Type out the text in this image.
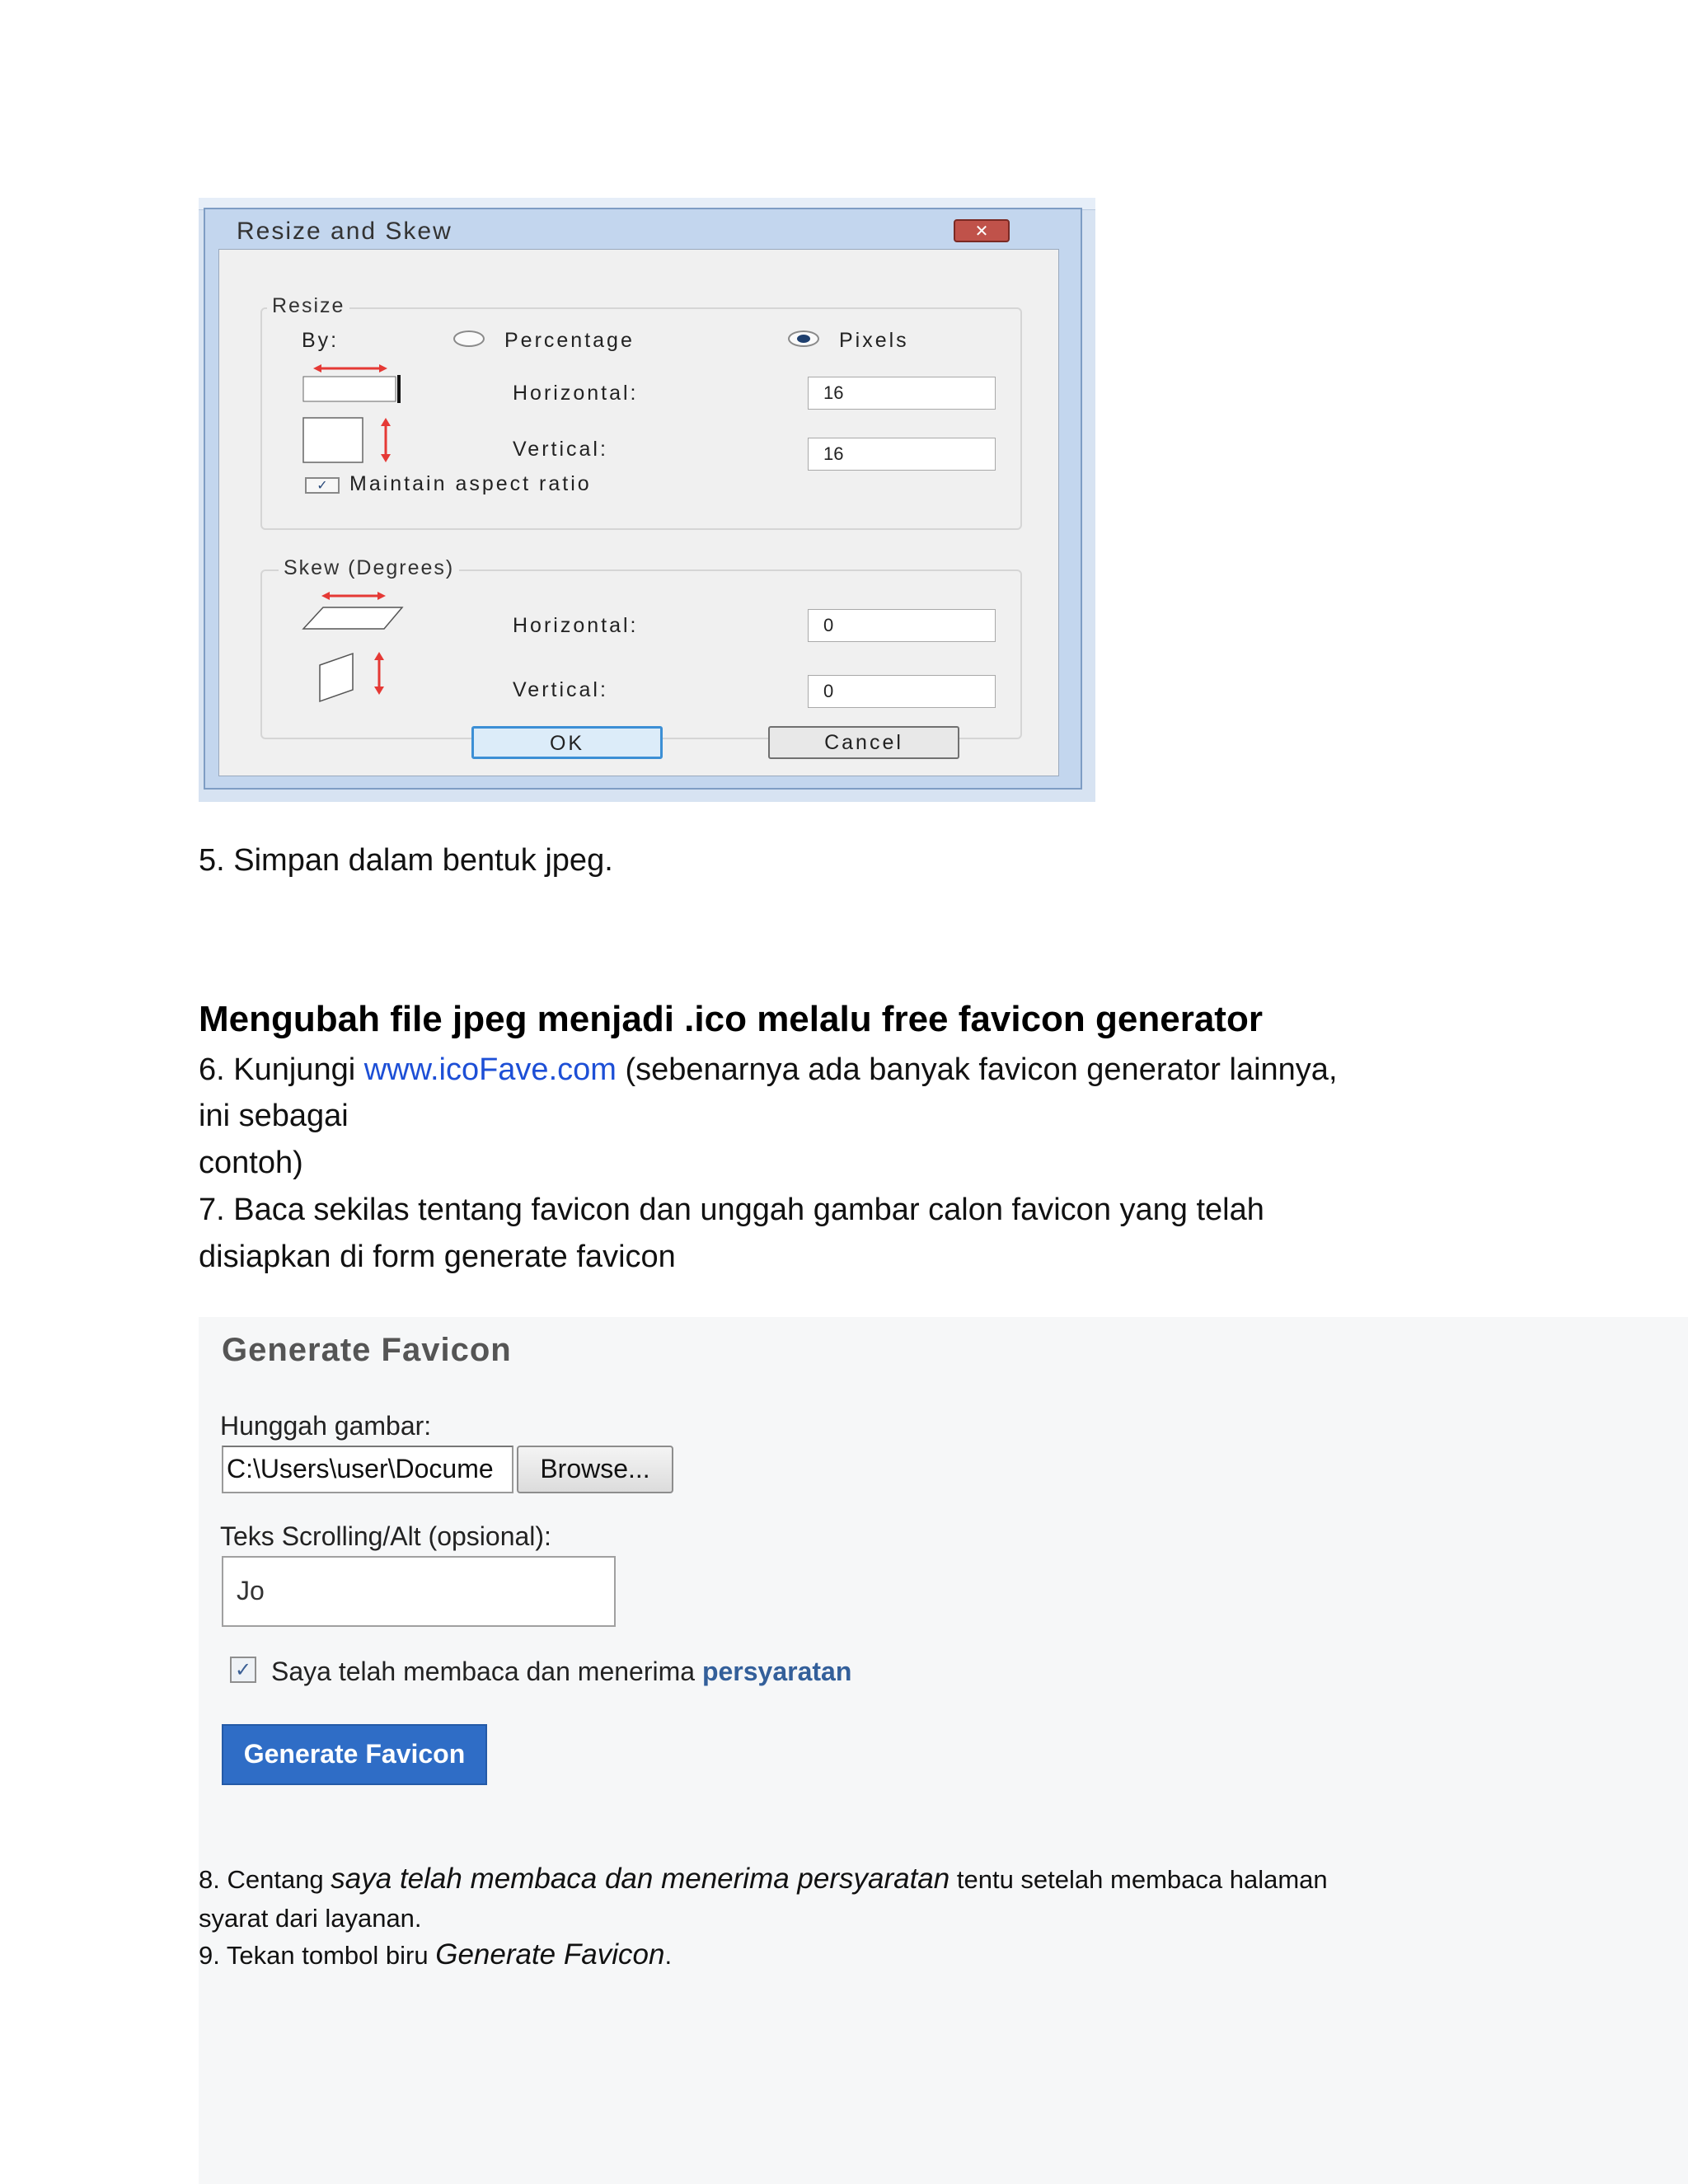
Resize and Skew	✕
Resize
By:	Percentage	Pixels
Horizontal:	16
Vertical:	16
✓	Maintain aspect ratio
Skew (Degrees)
Horizontal:	0
Vertical:	0
OK	Cancel
5. Simpan dalam bentuk jpeg.
Mengubah file jpeg menjadi .ico melalu free favicon generator
6. Kunjungi www.icoFave.com (sebenarnya ada banyak favicon generator lainnya,
ini sebagai
contoh)
7. Baca sekilas tentang favicon dan unggah gambar calon favicon yang telah
disiapkan di form generate favicon
Generate Favicon
Hunggah gambar:
C:\Users\user\Docume	Browse...
Teks Scrolling/Alt (opsional):
Jo
✓ Saya telah membaca dan menerima persyaratan
Generate Favicon
8. Centang saya telah membaca dan menerima persyaratan tentu setelah membaca halaman
syarat dari layanan.
9. Tekan tombol biru Generate Favicon.
